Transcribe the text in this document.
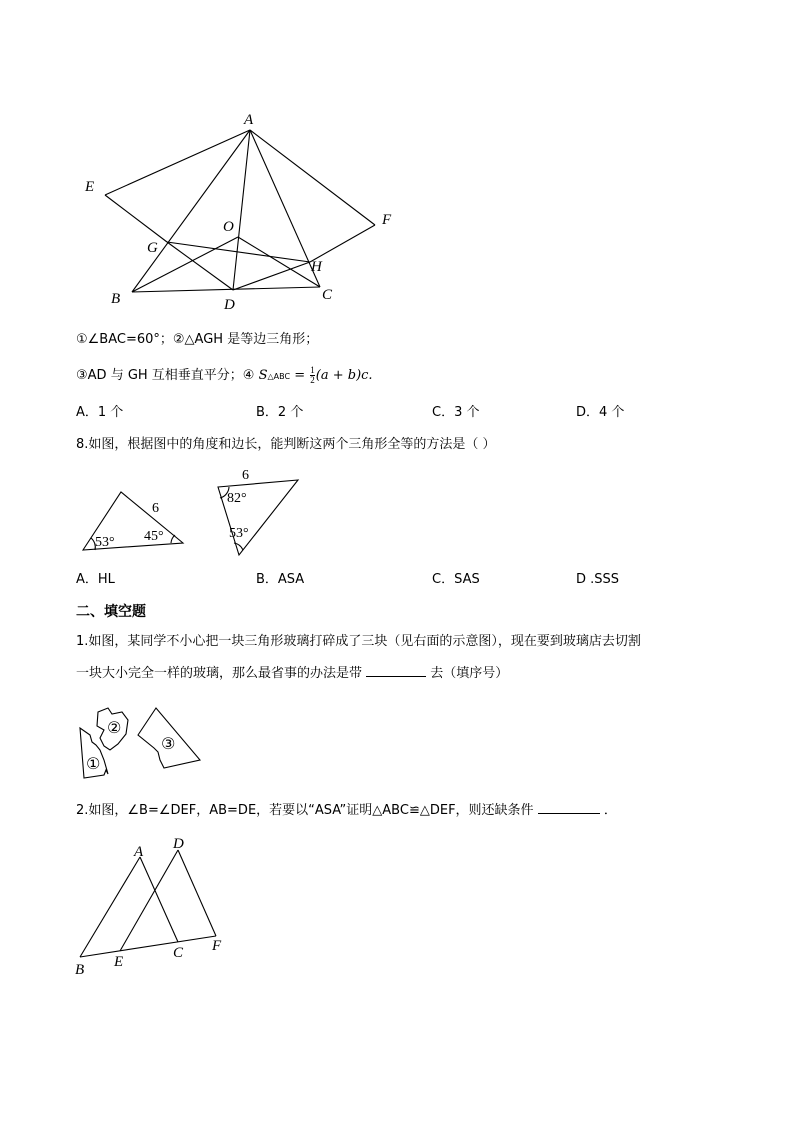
A
E
F
O
G
H
B	D
C
①∠BAC=60°；②△AGH 是等边三角形；
③AD 与 GH 互相垂直平分；④ S△ABC = $\frac{1}{2} (a + b)c$.
A．1 个	B．2 个	C．3 个	D．4 个
8.如图，根据图中的角度和边长，能判断这两个三角形全等的方法是（ ）
6
53° 45°
6
82°
53°
A．HL	B．ASA	C．SAS	D .SSS
二、填空题
1.如图，某同学不小心把一块三角形玻璃打碎成了三块（见右面的示意图），现在要到玻璃店去切割
一块大小完全一样的玻璃，那么最省事的办法是带	去（填序号）
①
②
③
2.如图，∠B=∠DEF，AB=DE，若要以“ASA”证明△ABC≌△DEF，则还缺条件	．
A D
B E
C F
